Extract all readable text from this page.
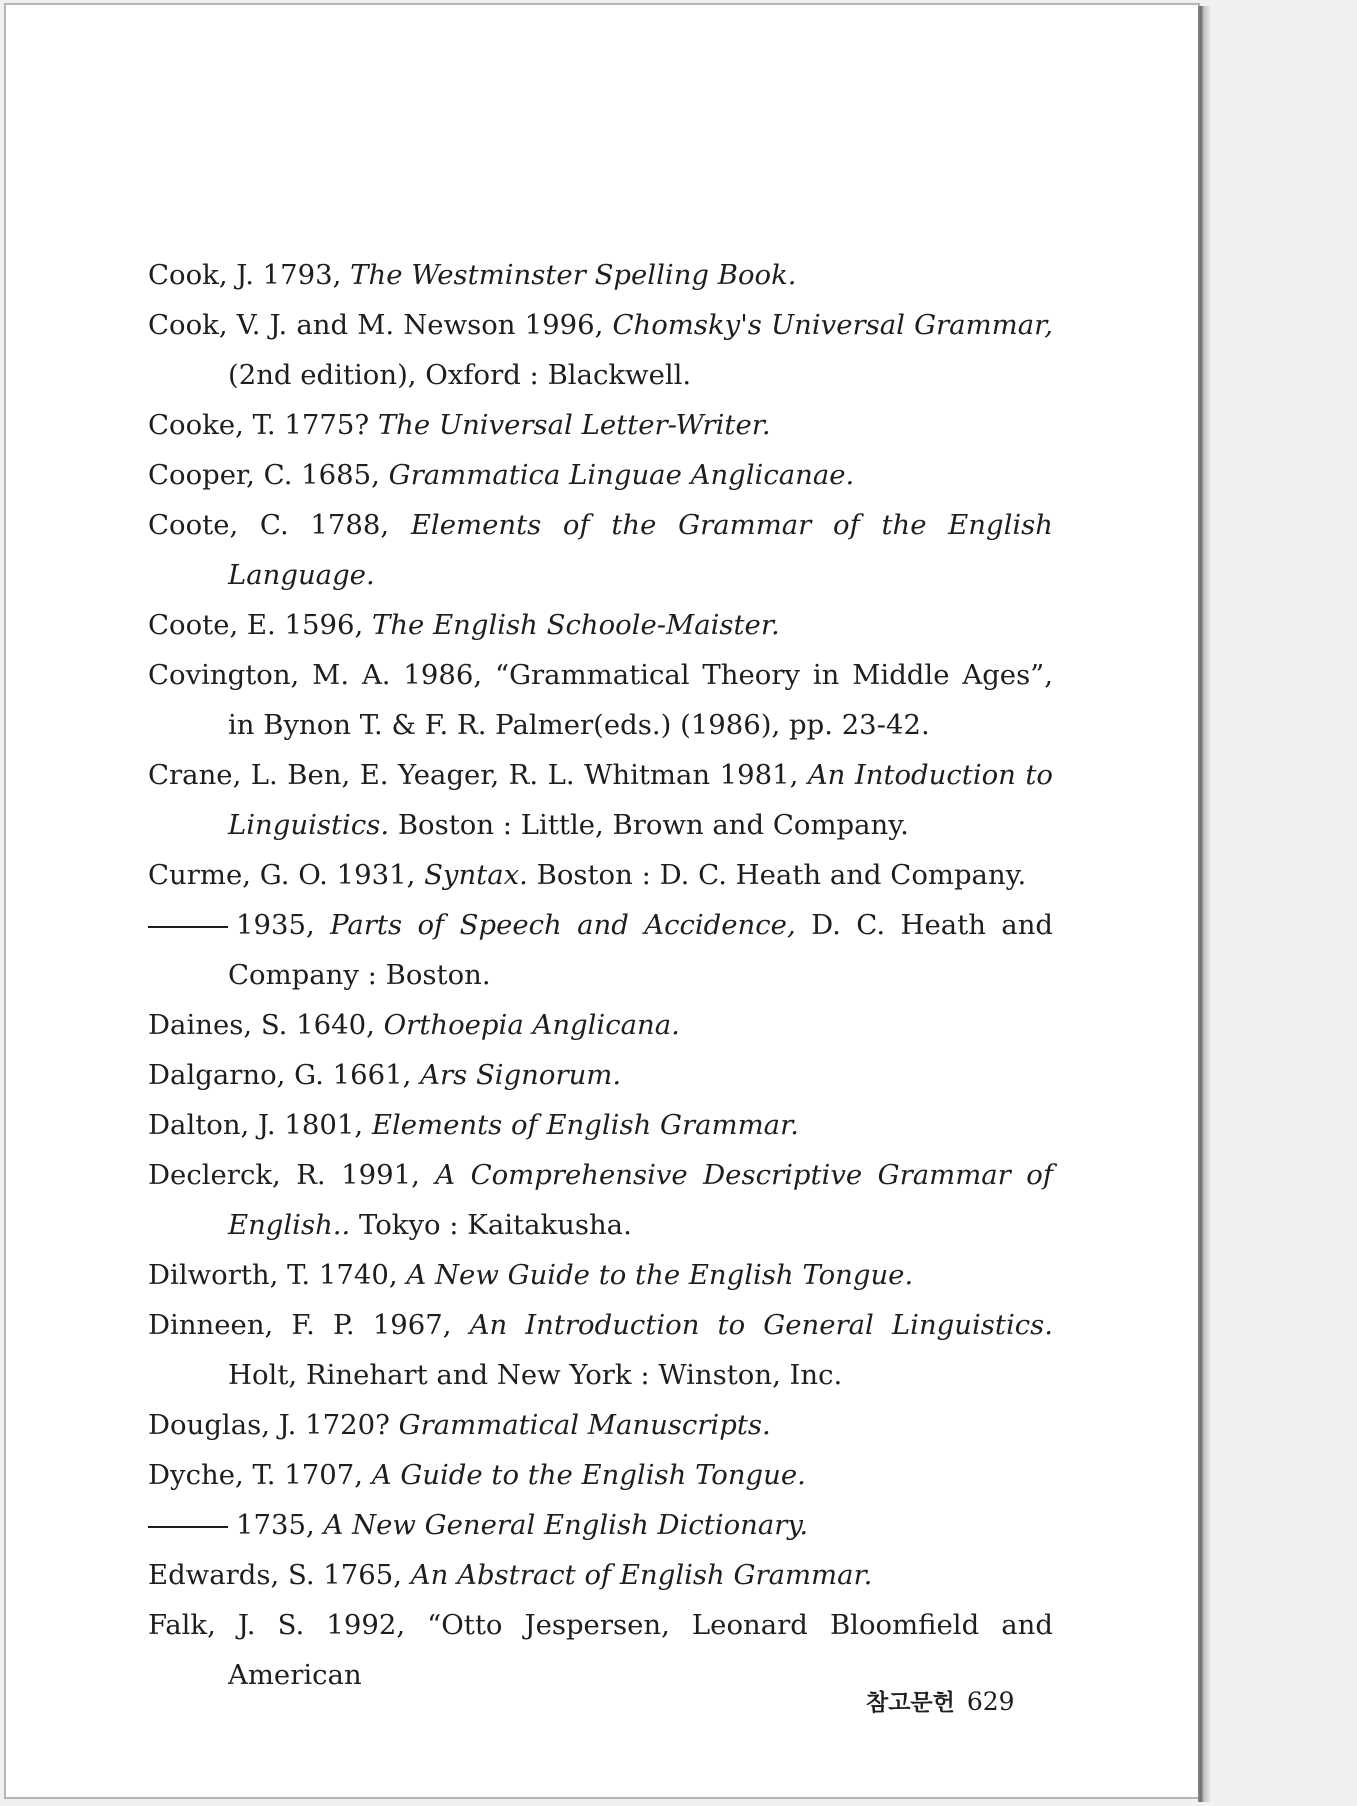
Cook, J. 1793, The Westminster Spelling Book.
Cook, V. J. and M. Newson 1996, Chomsky's Universal Grammar, (2nd edition), Oxford : Blackwell.
Cooke, T. 1775? The Universal Letter-Writer.
Cooper, C. 1685, Grammatica Linguae Anglicanae.
Coote, C. 1788, Elements of the Grammar of the English Language.
Coote, E. 1596, The English Schoole-Maister.
Covington, M. A. 1986, “Grammatical Theory in Middle Ages”, in Bynon T. & F. R. Palmer(eds.) (1986), pp. 23-42.
Crane, L. Ben, E. Yeager, R. L. Whitman 1981, An Intoduction to Linguistics. Boston : Little, Brown and Company.
Curme, G. O. 1931, Syntax. Boston : D. C. Heath and Company.
1935, Parts of Speech and Accidence, D. C. Heath and Company : Boston.
Daines, S. 1640, Orthoepia Anglicana.
Dalgarno, G. 1661, Ars Signorum.
Dalton, J. 1801, Elements of English Grammar.
Declerck, R. 1991, A Comprehensive Descriptive Grammar of English.. Tokyo : Kaitakusha.
Dilworth, T. 1740, A New Guide to the English Tongue.
Dinneen, F. P. 1967, An Introduction to General Linguistics. Holt, Rinehart and New York : Winston, Inc.
Douglas, J. 1720? Grammatical Manuscripts.
Dyche, T. 1707, A Guide to the English Tongue.
1735, A New General English Dictionary.
Edwards, S. 1765, An Abstract of English Grammar.
Falk, J. S. 1992, “Otto Jespersen, Leonard Bloomfield and American
참고문헌 629
